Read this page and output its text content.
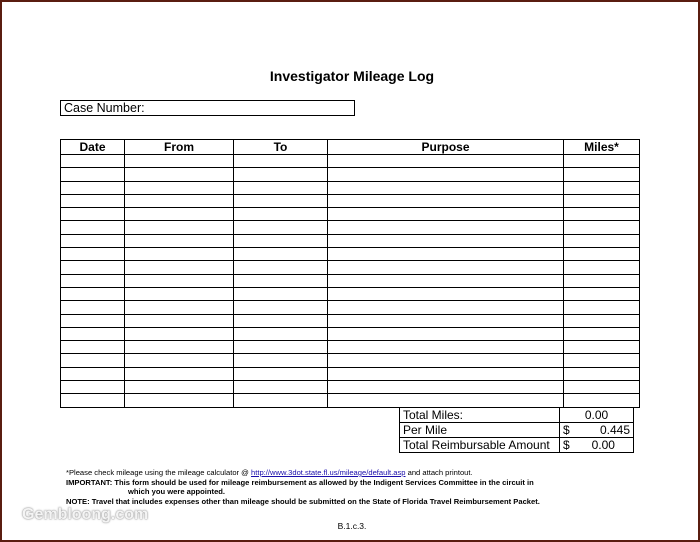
Investigator Mileage Log
Case Number:
Date	From	To	Purpose	Miles*

Total Miles:	0.00	
Per Mile	$	0.445
Total Reimbursable Amount	$	0.00
*Please check mileage using the mileage calculator @ http://www.3dot.state.fl.us/mileage/default.asp and attach printout.
IMPORTANT: This form should be used for mileage reimbursement as allowed by the Indigent Services Committee in the circuit in
which you were appointed.
NOTE: Travel that includes expenses other than mileage should be submitted on the State of Florida Travel Reimbursement Packet.
B.1.c.3.
Gembloong.com
